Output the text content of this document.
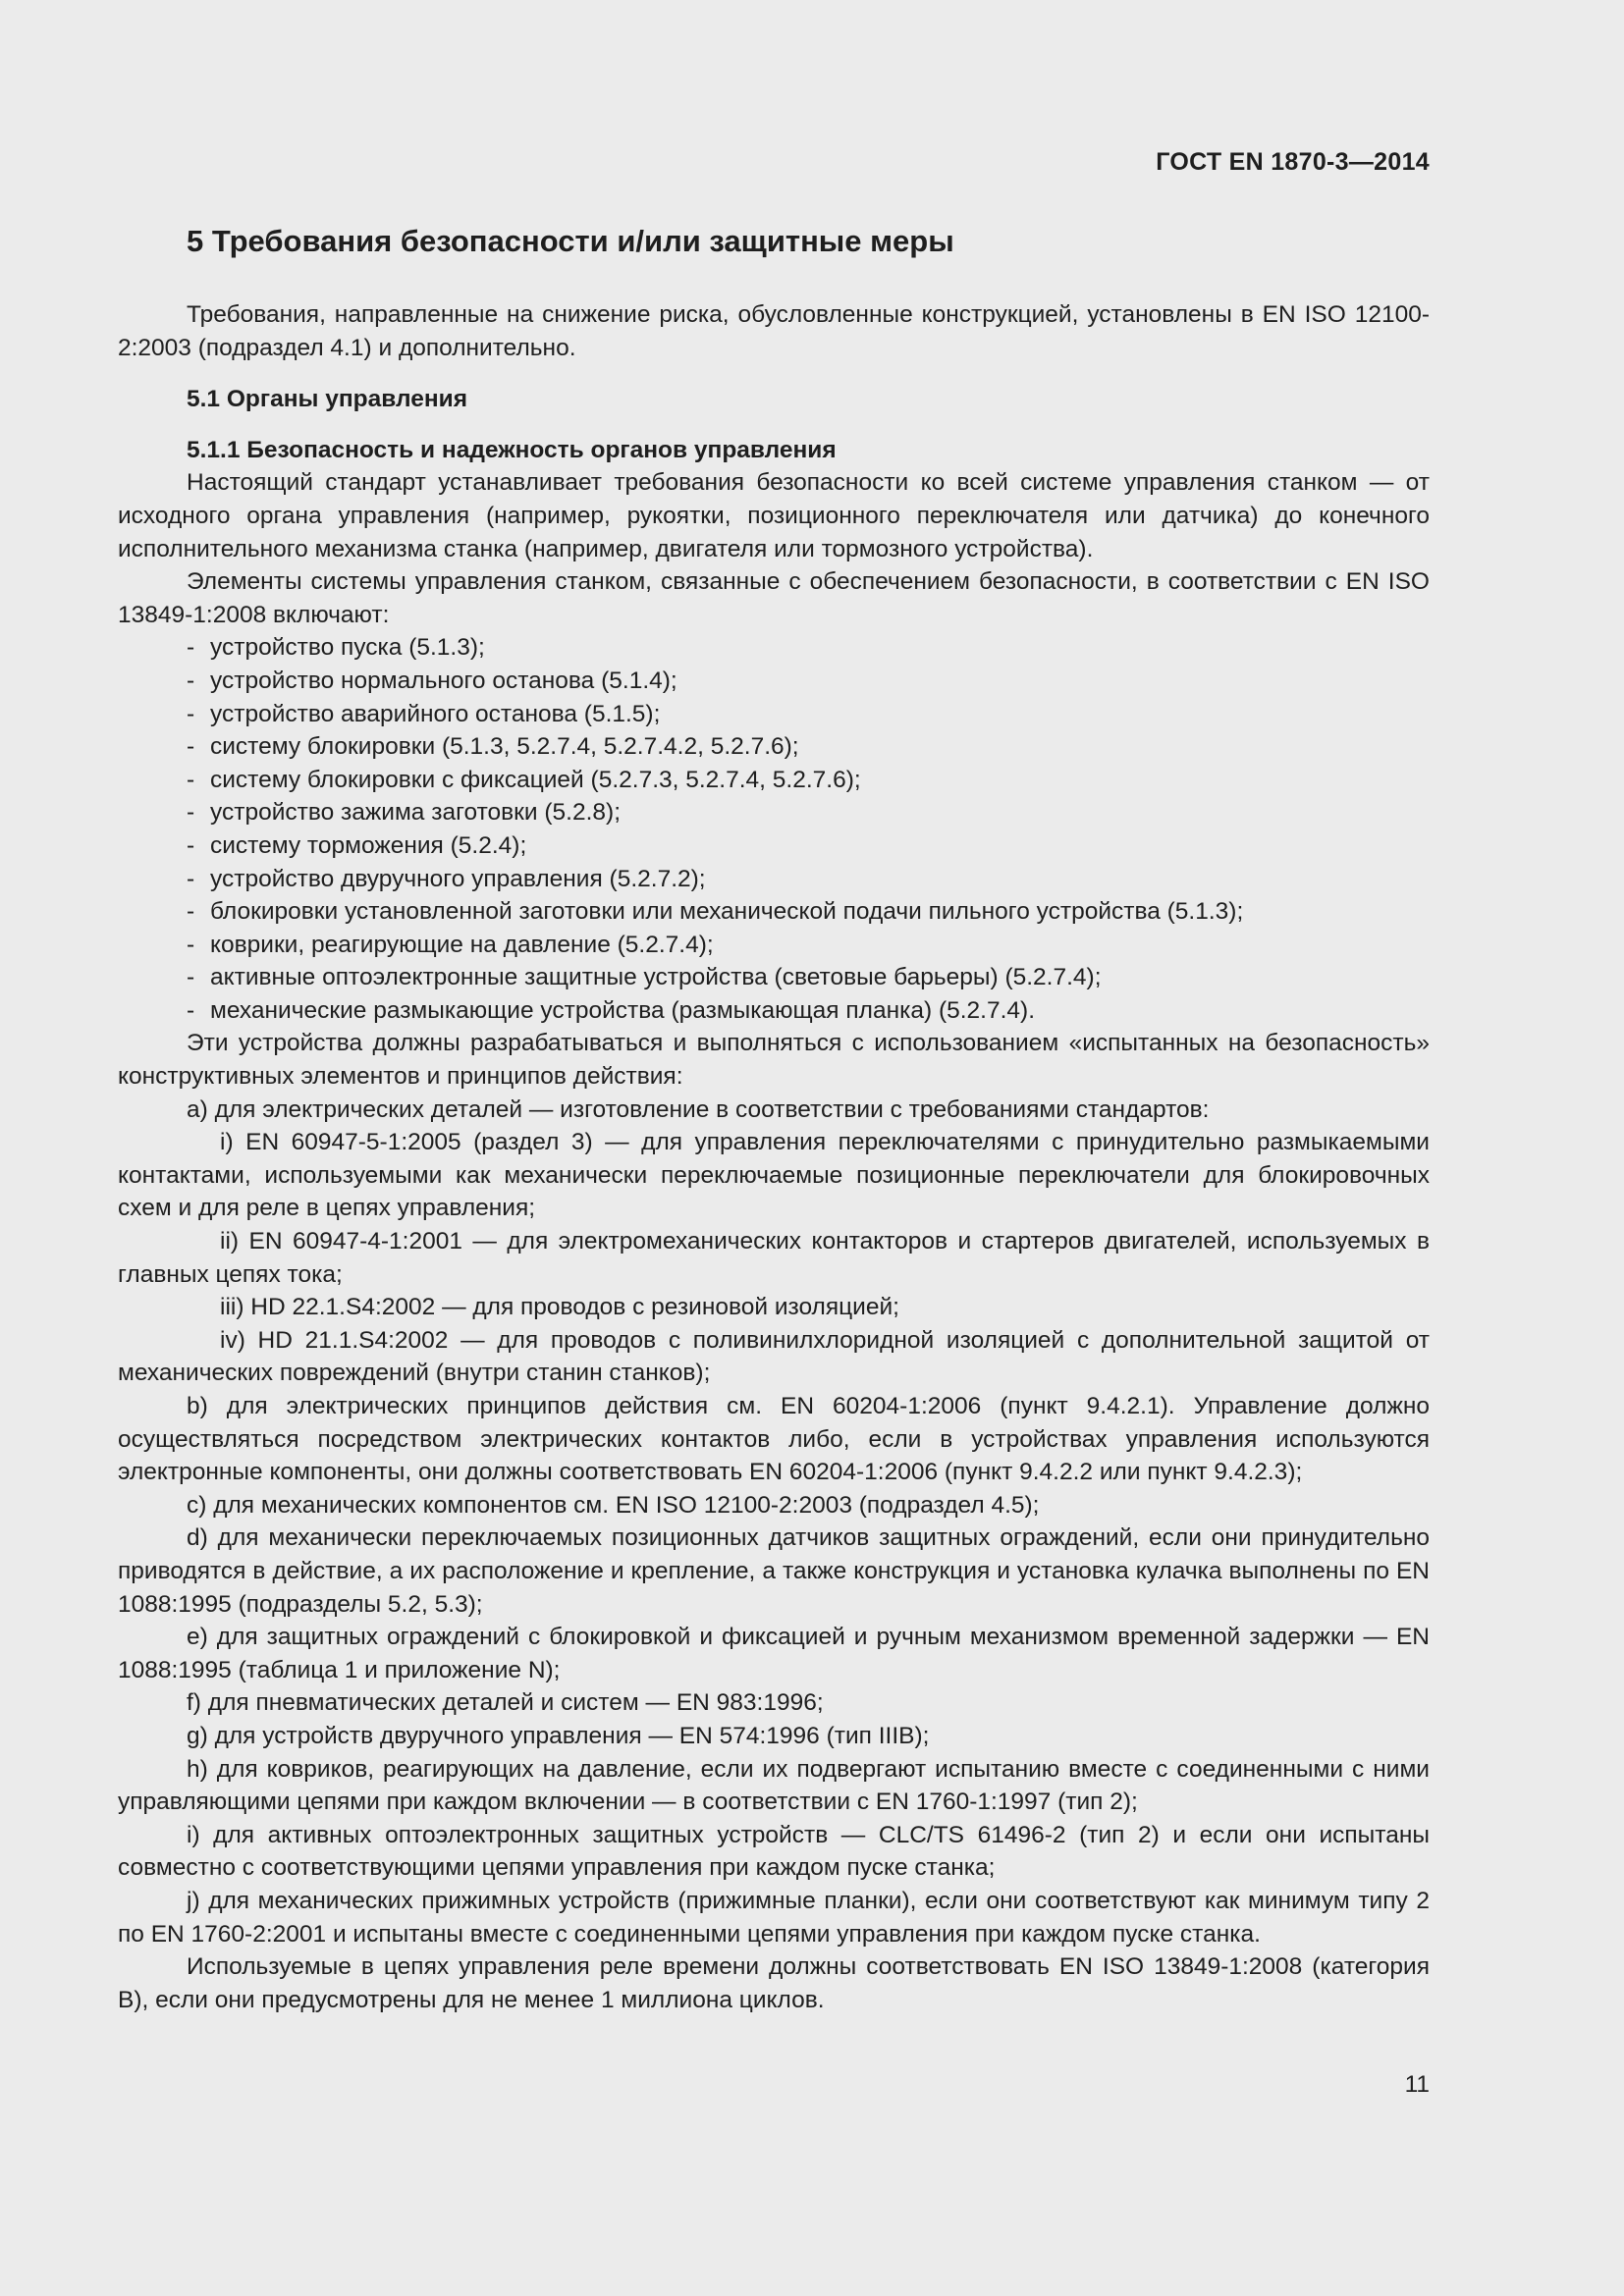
ГОСТ EN 1870-3—2014
5 Требования безопасности и/или защитные меры

Требования, направленные на снижение риска, обусловленные конструкцией, установлены в EN ISO 12100-2:2003 (подраздел 4.1) и дополнительно.

5.1 Органы управления
5.1.1 Безопасность и надежность органов управления

Настоящий стандарт устанавливает требования безопасности ко всей системе управления станком — от исходного органа управления (например, рукоятки, позиционного переключателя или датчика) до конечного исполнительного механизма станка (например, двигателя или тормозного устройства).

Элементы системы управления станком, связанные с обеспечением безопасности, в соответствии с EN ISO 13849-1:2008 включают:

- устройство пуска (5.1.3);
- устройство нормального останова (5.1.4);
- устройство аварийного останова (5.1.5);
- систему блокировки (5.1.3, 5.2.7.4, 5.2.7.4.2, 5.2.7.6);
- систему блокировки с фиксацией (5.2.7.3, 5.2.7.4, 5.2.7.6);
- устройство зажима заготовки (5.2.8);
- систему торможения (5.2.4);
- устройство двуручного управления (5.2.7.2);
- блокировки установленной заготовки или механической подачи пильного устройства (5.1.3);
- коврики, реагирующие на давление (5.2.7.4);
- активные оптоэлектронные защитные устройства (световые барьеры) (5.2.7.4);
- механические размыкающие устройства (размыкающая планка) (5.2.7.4).

Эти устройства должны разрабатываться и выполняться с использованием «испытанных на безопасность» конструктивных элементов и принципов действия:

а) для электрических деталей — изготовление в соответствии с требованиями стандартов:

i) EN 60947-5-1:2005 (раздел 3) — для управления переключателями с принудительно размыкаемыми контактами, используемыми как механически переключаемые позиционные переключатели для блокировочных схем и для реле в цепях управления;

ii) EN 60947-4-1:2001 — для электромеханических контакторов и стартеров двигателей, используемых в главных цепях тока;

iii) HD 22.1.S4:2002 — для проводов с резиновой изоляцией;

iv) HD 21.1.S4:2002 — для проводов с поливинилхлоридной изоляцией с дополнительной защитой от механических повреждений (внутри станин станков);

b) для электрических принципов действия см. EN 60204-1:2006 (пункт 9.4.2.1). Управление должно осуществляться посредством электрических контактов либо, если в устройствах управления используются электронные компоненты, они должны соответствовать EN 60204-1:2006 (пункт 9.4.2.2 или пункт 9.4.2.3);

c) для механических компонентов см. EN ISO 12100-2:2003 (подраздел 4.5);

d) для механически переключаемых позиционных датчиков защитных ограждений, если они принудительно приводятся в действие, а их расположение и крепление, а также конструкция и установка кулачка выполнены по EN 1088:1995 (подразделы 5.2, 5.3);

e) для защитных ограждений с блокировкой и фиксацией и ручным механизмом временной задержки — EN 1088:1995 (таблица 1 и приложение N);

f) для пневматических деталей и систем — EN 983:1996;

g) для устройств двуручного управления — EN 574:1996 (тип IIIB);

h) для ковриков, реагирующих на давление, если их подвергают испытанию вместе с соединенными с ними управляющими цепями при каждом включении — в соответствии с EN 1760-1:1997 (тип 2);

i) для активных оптоэлектронных защитных устройств — CLC/TS 61496-2 (тип 2) и если они испытаны совместно с соответствующими цепями управления при каждом пуске станка;

j) для механических прижимных устройств (прижимные планки), если они соответствуют как минимум типу 2 по EN 1760-2:2001 и испытаны вместе с соединенными цепями управления при каждом пуске станка.

Используемые в цепях управления реле времени должны соответствовать EN ISO 13849-1:2008 (категория B), если они предусмотрены для не менее 1 миллиона циклов.

11
